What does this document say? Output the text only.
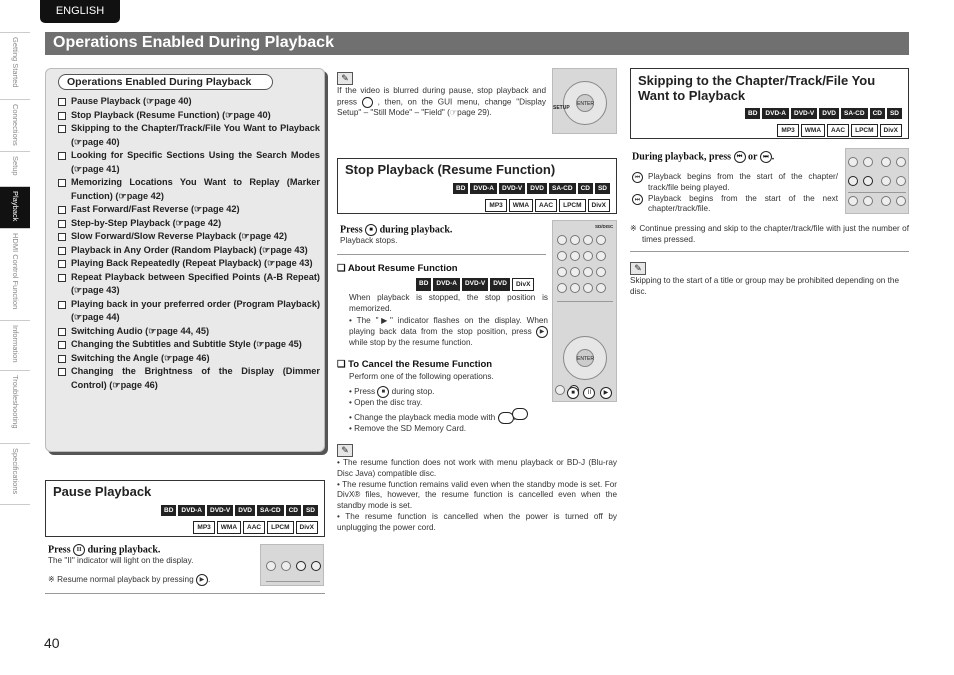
ENGLISH
Getting Started
Connections
Setup
Playback
HDMI Control Function
Information
Troubleshooting
Specifications
Operations Enabled During Playback
Operations Enabled During Playback
Pause Playback (☞page 40)
Stop Playback (Resume Function) (☞page 40)
Skipping to the Chapter/Track/File You Want to Playback (☞page 40)
Looking for Specific Sections Using the Search Modes (☞page 41)
Memorizing Locations You Want to Replay (Marker Function) (☞page 42)
Fast Forward/Fast Reverse (☞page 42)
Step-by-Step Playback (☞page 42)
Slow Forward/Slow Reverse Playback (☞page 42)
Playback in Any Order (Random Playback) (☞page 43)
Playing Back Repeatedly (Repeat Playback) (☞page 43)
Repeat Playback between Specified Points (A-B Repeat) (☞page 43)
Playing back in your preferred order (Program Playback) (☞page 44)
Switching Audio (☞page 44, 45)
Changing the Subtitles and Subtitle Style (☞page 45)
Switching the Angle (☞page 46)
Changing the Brightness of the Display (Dimmer Control) (☞page 46)
Pause Playback
BD	DVD-A	DVD-V	DVD	SA-CD	CD	SD
MP3	WMA	AAC	LPCM	DivX
Press II during playback.
The "II" indicator will light on the display.
※ Resume normal playback by pressing ▶ .
✎
If the video is blurred during pause, stop playback and press	, then, on the GUI menu, change "Display Setup" – "Still Mode" – "Field" (☞page 29).
ENTER
SETUP
Stop Playback (Resume Function)
BD	DVD-A	DVD-V	DVD	SA-CD	CD	SD
MP3	WMA	AAC	LPCM	DivX
Press ■ during playback.
Playback stops.
❑ About Resume Function
BD	DVD-A	DVD-V	DVD	DivX
When playback is stopped, the stop position is memorized.
• The "▶" indicator flashes on the display. When playing back data from the stop position, press ▶ while stop by the resume function.
❑ To Cancel the Resume Function
Perform one of the following operations.
• Press ■ during stop.
• Open the disc tray.
• Change the playback media mode with
• Remove the SD Memory Card.
SD/DISC
ENTER
■ II ▶
✎
• The resume function does not work with menu playback or BD-J (Blu-ray Disc Java) compatible disc.
• The resume function remains valid even when the standby mode is set. For DivX® files, however, the resume function is cancelled even when the standby mode is set.
• The resume function is cancelled when the power is turned off by unplugging the power cord.
Skipping to the Chapter/Track/File You Want to Playback
BD	DVD-A	DVD-V	DVD	SA-CD	CD	SD
MP3	WMA	AAC	LPCM	DivX
During playback, press ⏮ or ⏭ .
⏮ Playback begins from the start of the chapter/ track/file being played.
⏭ Playback begins from the start of the next chapter/track/file.
※ Continue pressing and skip to the chapter/track/file with just the number of times pressed.
✎
Skipping to the start of a title or group may be prohibited depending on the disc.
40
